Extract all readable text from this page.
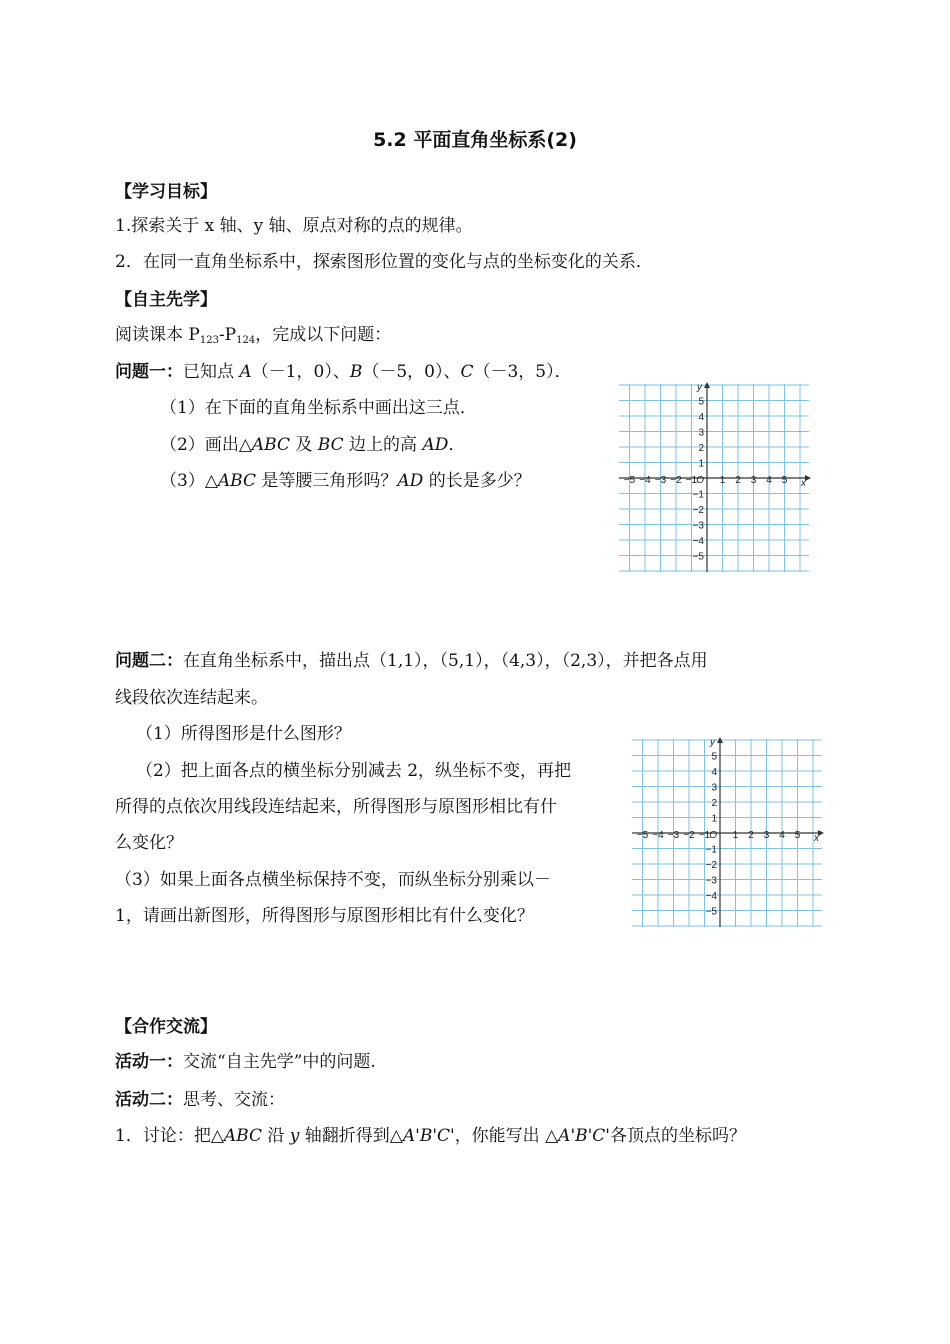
5.2 平面直角坐标系(2)
【学习目标】
1.探索关于 x 轴、y 轴、原点对称的点的规律。
2．在同一直角坐标系中，探索图形位置的变化与点的坐标变化的关系．
【自主先学】
阅读课本 $P_{123}-P_{124}$，完成以下问题：
问题一：已知点 A（－1，0）、B（－5，0）、C（－3，5）．
（1）在下面的直角坐标系中画出这三点．
（2）画出△ABC 及 BC 边上的高 AD．
（3）△ABC 是等腰三角形吗？AD 的长是多少？	−5 −4 −3 −2 −1 1 2 3 4 5
O
5
4
3
2
1
−1
−2
−3
−4
−5
x
y
问题二：在直角坐标系中，描出点（1,1），（5,1），（4,3），（2,3），并把各点用
线段依次连结起来。
（1）所得图形是什么图形？
（2）把上面各点的横坐标分别减去 2，纵坐标不变，再把
所得的点依次用线段连结起来，所得图形与原图形相比有什
么变化？
（3）如果上面各点横坐标保持不变，而纵坐标分别乘以－
1，请画出新图形，所得图形与原图形相比有什么变化？
−5 −4 −3 −2 −1 1 2 3 4 5
O
5
4
3
2
1
−1
−2
−3
−4
−5
x
y
【合作交流】
活动一：交流“自主先学”中的问题.
活动二：思考、交流：
1．讨论：把△ABC 沿 y 轴翻折得到△A'B'C'，你能写出 △A'B'C'各顶点的坐标吗？
